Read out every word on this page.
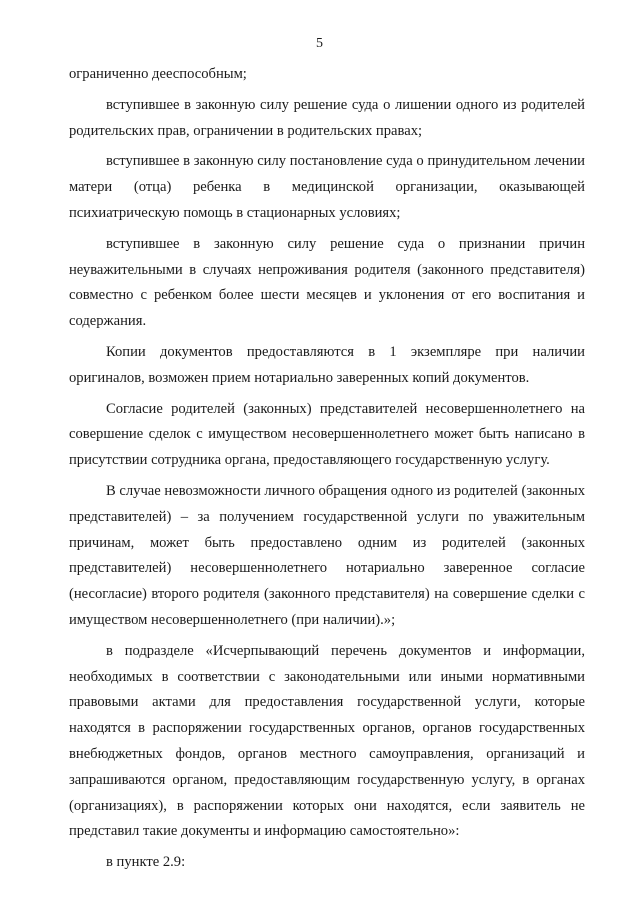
5

ограниченно дееспособным;

вступившее в законную силу решение суда о лишении одного из родителей родительских прав, ограничении в родительских правах;

вступившее в законную силу постановление суда о принудительном лечении матери (отца) ребенка в медицинской организации, оказывающей психиатрическую помощь в стационарных условиях;

вступившее в законную силу решение суда о признании причин неуважительными в случаях непроживания родителя (законного представителя) совместно с ребенком более шести месяцев и уклонения от его воспитания и содержания.

Копии документов предоставляются в 1 экземпляре при наличии оригиналов, возможен прием нотариально заверенных копий документов.

Согласие родителей (законных) представителей несовершеннолетнего на совершение сделок с имуществом несовершеннолетнего может быть написано в присутствии сотрудника органа, предоставляющего государственную услугу.

В случае невозможности личного обращения одного из родителей (законных представителей) – за получением государственной услуги по уважительным причинам, может быть предоставлено одним из родителей (законных представителей) несовершеннолетнего нотариально заверенное согласие (несогласие) второго родителя (законного представителя) на совершение сделки с имуществом несовершеннолетнего (при наличии).»;

в подразделе «Исчерпывающий перечень документов и информации, необходимых в соответствии с законодательными или иными нормативными правовыми актами для предоставления государственной услуги, которые находятся в распоряжении государственных органов, органов государственных внебюджетных фондов, органов местного самоуправления, организаций и запрашиваются органом, предоставляющим государственную услугу, в органах (организациях), в распоряжении которых они находятся, если заявитель не представил такие документы и информацию самостоятельно»:

в пункте 2.9:
